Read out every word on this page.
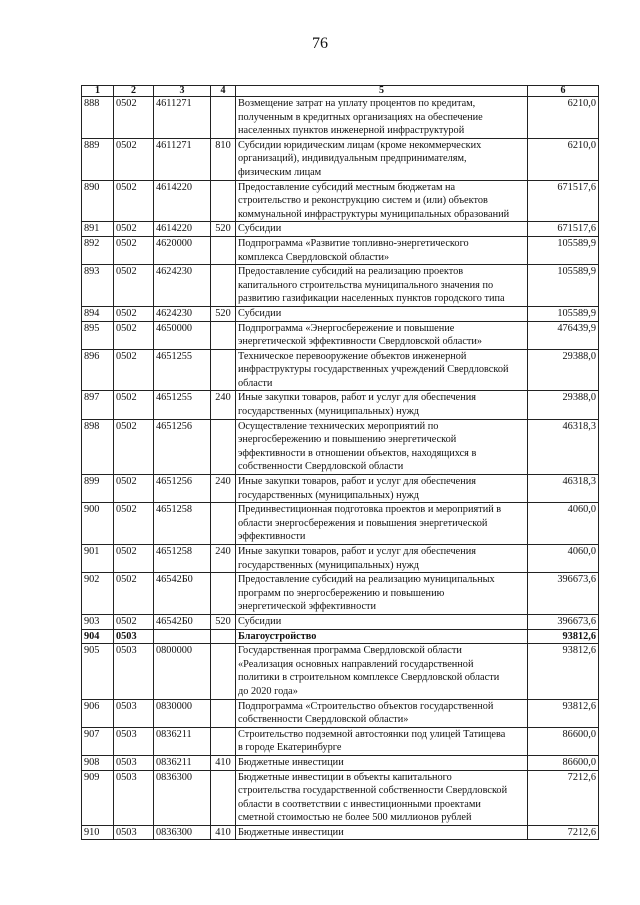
76
1	2	3	4	5	6
888	0502	4611271		Возмещение затрат на уплату процентов по кредитам,
полученным в кредитных организациях на обеспечение
населенных пунктов инженерной инфраструктурой	6210,0
889	0502	4611271	810	Субсидии юридическим лицам (кроме некоммерческих
организаций), индивидуальным предпринимателям,
физическим лицам	6210,0
890	0502	4614220		Предоставление субсидий местным бюджетам на
строительство и реконструкцию систем и (или) объектов
коммунальной инфраструктуры муниципальных образований	671517,6
891	0502	4614220	520	Субсидии	671517,6
892	0502	4620000		Подпрограмма «Развитие топливно-энергетического
комплекса Свердловской области»	105589,9
893	0502	4624230		Предоставление субсидий на реализацию проектов
капитального строительства муниципального значения по
развитию газификации населенных пунктов городского типа	105589,9
894	0502	4624230	520	Субсидии	105589,9
895	0502	4650000		Подпрограмма «Энергосбережение и повышение
энергетической эффективности Свердловской области»	476439,9
896	0502	4651255		Техническое перевооружение объектов инженерной
инфраструктуры государственных учреждений Свердловской
области	29388,0
897	0502	4651255	240	Иные закупки товаров, работ и услуг для обеспечения
государственных (муниципальных) нужд	29388,0
898	0502	4651256		Осуществление технических мероприятий по
энергосбережению и повышению энергетической
эффективности в отношении объектов, находящихся в
собственности Свердловской области	46318,3
899	0502	4651256	240	Иные закупки товаров, работ и услуг для обеспечения
государственных (муниципальных) нужд	46318,3
900	0502	4651258		Прединвестиционная подготовка проектов и мероприятий в
области энергосбережения и повышения энергетической
эффективности	4060,0
901	0502	4651258	240	Иные закупки товаров, работ и услуг для обеспечения
государственных (муниципальных) нужд	4060,0
902	0502	46542Б0		Предоставление субсидий на реализацию муниципальных
программ по энергосбережению и повышению
энергетической эффективности	396673,6
903	0502	46542Б0	520	Субсидии	396673,6
904	0503			Благоустройство	93812,6
905	0503	0800000		Государственная программа Свердловской области
«Реализация основных направлений государственной
политики в строительном комплексе Свердловской области
до 2020 года»	93812,6
906	0503	0830000		Подпрограмма «Строительство объектов государственной
собственности Свердловской области»	93812,6
907	0503	0836211		Строительство подземной автостоянки под улицей Татищева
в городе Екатеринбурге	86600,0
908	0503	0836211	410	Бюджетные инвестиции	86600,0
909	0503	0836300		Бюджетные инвестиции в объекты капитального
строительства государственной собственности Свердловской
области в соответствии с инвестиционными проектами
сметной стоимостью не более 500 миллионов рублей	7212,6
910	0503	0836300	410	Бюджетные инвестиции	7212,6
